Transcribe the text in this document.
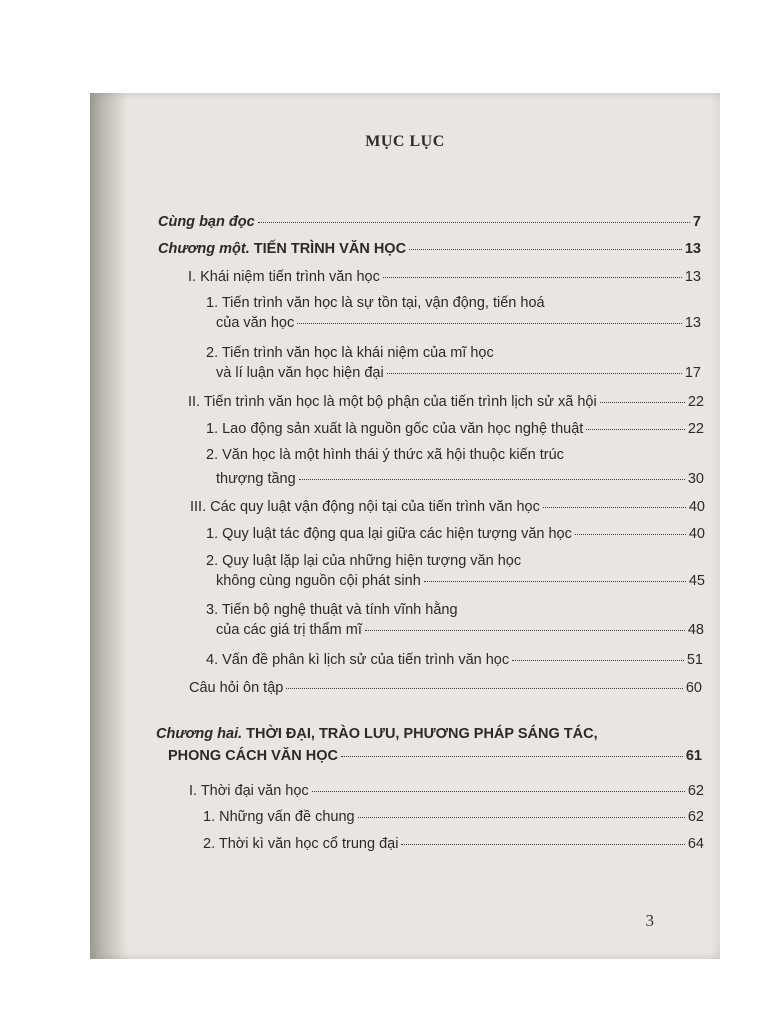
MỤC LỤC
Cùng bạn đọc	7
Chương một. TIẾN TRÌNH VĂN HỌC	13
I. Khái niệm tiến trình văn học	13
1. Tiến trình văn học là sự tồn tại, vận động, tiến hoá
của văn học	13
2. Tiến trình văn học là khái niệm của mĩ học
và lí luận văn học hiện đại	17
II. Tiến trình văn học là một bộ phận của tiến trình lịch sử xã hội	22
1. Lao động sản xuất là nguồn gốc của văn học nghệ thuật	22
2. Văn học là một hình thái ý thức xã hội thuộc kiến trúc
thượng tầng	30
III. Các quy luật vận động nội tại của tiến trình văn học	40
1. Quy luật tác động qua lại giữa các hiện tượng văn học	40
2. Quy luật lặp lại của những hiện tượng văn học
không cùng nguồn cội phát sinh	45
3. Tiến bộ nghệ thuật và tính vĩnh hằng
của các giá trị thẩm mĩ	48
4. Vấn đề phân kì lịch sử của tiến trình văn học	51
Câu hỏi ôn tập	60
Chương hai. THỜI ĐẠI, TRÀO LƯU, PHƯƠNG PHÁP SÁNG TÁC,
PHONG CÁCH VĂN HỌC	61
I. Thời đại văn học	62
1. Những vấn đề chung	62
2. Thời kì văn học cổ trung đại	64
3
